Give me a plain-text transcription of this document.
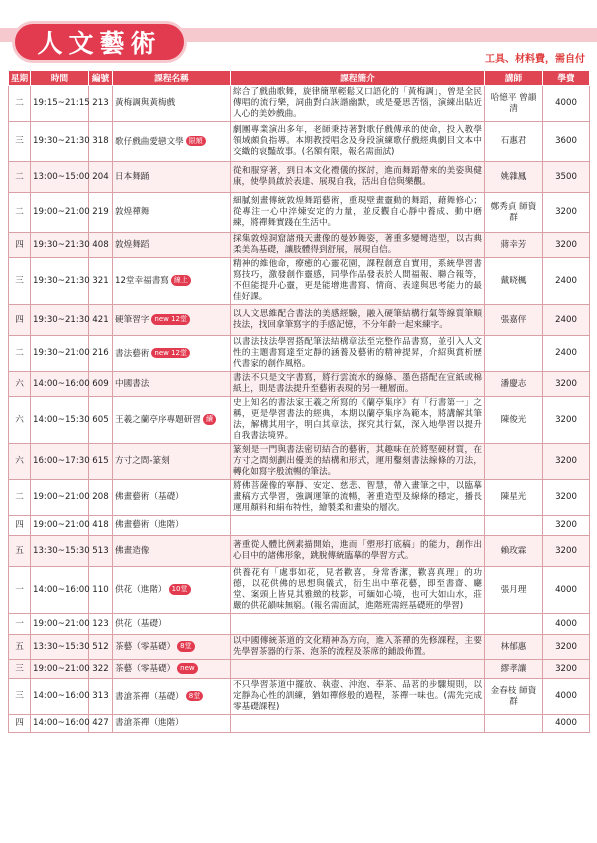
人文藝術
工具、材料費，需自付
星期	時間	編號	課程名稱	課程簡介	講師	學費
二	19:15~21:15	213	黃梅調與黃梅戲	綜合了戲曲歌舞，旋律簡單輕鬆又口語化的「黃梅調」，曾是全民傳唱的流行樂，詞曲對白詼諧幽默，或是憂思苦惱，演練出貼近人心的美妙戲曲。	哈憶平 曾韻清	4000
三	19:30~21:30	318	歌仔戲曲愛戀文學 限額	劇團專業演出多年，老師秉持著對歌仔戲傳承的使命，投入教學領域頗負指導。本期教授唱念及身段演練歌仔戲經典劇目文本中交織的哀豔故事。(名額有限，報名需面試)	石惠君	3600
二	13:00~15:00	204	日本舞踊	從和服穿著，到日本文化禮儀的探討，進而舞蹈帶來的美姿與健康，使學員啟於表達、展現自我，活出自信與樂觀。	姚雜鳳	3500
二	19:00~21:00	219	敦煌禪舞	細膩刻畫傳統敦煌舞蹈藝術，重現壁畫靈動的舞蹈，藉舞修心；從專注一心中淬煉安定的力量，並反觀自心靜中養成、動中磨練，將禪舞實踐在生活中。	鄭秀貞 師資群	3200
四	19:30~21:30	408	敦煌舞蹈	採集敦煌洞窟諸飛天畫像的曼妙舞姿，著重多變彎造型，以古典柔美為基礎，讓肢體得到舒展，展現自信。	蔣幸芳	3200
三	19:30~21:30	321	12堂幸福書寫 線上	精神的維他命，療癒的心靈花園，課程創意自實用，系統學習書寫技巧，激發創作靈感，同學作品發表於人間福報、聯合報等，不但能提升心靈，更是能增進書寫、情商、表達與思考能力的最佳好課。	戴晓楓	2400
四	19:30~21:30	421	硬筆習字 new 12堂	以人文思維配合書法的美感經驗，融入硬筆結構行氣等線質筆順技法，找回拿筆寫字的手感記憶，不分年齡一起來練字。	張嘉伻	2400
二	19:30~21:00	216	書法藝術 new 12堂	以書法技法學習搭配筆法結構章法至完整作品書寫，並引入人文性的主題書寫達至定靜的涵養及藝術的精神提昇，介紹與賞析歷代書家的創作風格。		2400
六	14:00~16:00	609	中國書法	書法不只是文字書寫，將行雲流水的線條、墨色搭配在宣紙或棉紙上，則是書法提升至藝術表現的另一種層面。	潘慶志	3200
六	14:00~15:30	605	王羲之蘭亭序專題研習 續	史上知名的書法家王羲之所寫的《蘭亭集序》有「行書第一」之稱，更是學習書法的經典，本期以蘭亭集序為範本，將講解其筆法，解構其用字，明白其章法，探究其行氣，深入地學習以提升自我書法境界。	陳俊光	3200
六	16:00~17:30	615	方寸之間-篆刻	篆刻是一門與書法密切結合的藝術，其趣味在於將堅硬材質，在方寸之間刻劃出優美的結構和形式，運用鑿刻書法線條的刀法，轉化如寫字般流暢的筆法。		3200
二	19:00~21:00	208	佛畫藝術（基礎）	將佛菩薩像的寧靜、安定、慈悲、智慧，帶入畫筆之中，以臨摹畫稿方式學習，強調運筆的流暢，著重造型及線條的穩定，播長運用顏料和絹布特性，繪製柔和畫染的層次。	陳星光	3200
四	19:00~21:00	418	佛畫藝術（進階）			3200
五	13:30~15:30	513	佛畫造像	著重從人體比例素描開始，進而「塑形打底稿」的能力，創作出心目中的諸佛形象，跳脫傳統臨摹的學習方式。	賴玫霖	3200
一	14:00~16:00	110	供花（進階） 10堂	供養花有「處事如花，見者歡喜，身常香潔，歡喜真理」的功德，以花供佛的思想與儀式，衍生出中華花藝，即至書齋、廳堂、案頭上皆見其雅緻的枝影，可緬如心境，也可大如山水，莊嚴的供花韻味無窮。(報名需面試，進階班需經基礎班的學習)	張月理	4000
一	19:00~21:00	123	供花（基礎）			4000
五	13:30~15:30	512	茶藝（零基礎） 8堂	以中國傳統茶道的文化精神為方向，進入茶禪的先修課程，主要先學習茶器的行茶、泡茶的流程及茶席的鋪設佈置。	林郁惠	3200
三	19:00~21:00	322	茶藝（零基礎） new		繆孝讓	3200
三	14:00~16:00	313	書滄茶禪（基礎） 8堂	不只學習茶道中擺放、執壺、沖泡、奉茶、品茗的步驟規則，以定靜為心性的訓練，猶如禪修般的過程，茶禪一味也。(需先完成零基礎課程)	金春枝 師資群	4000
四	14:00~16:00	427	書滄茶禪（進階）			4000
